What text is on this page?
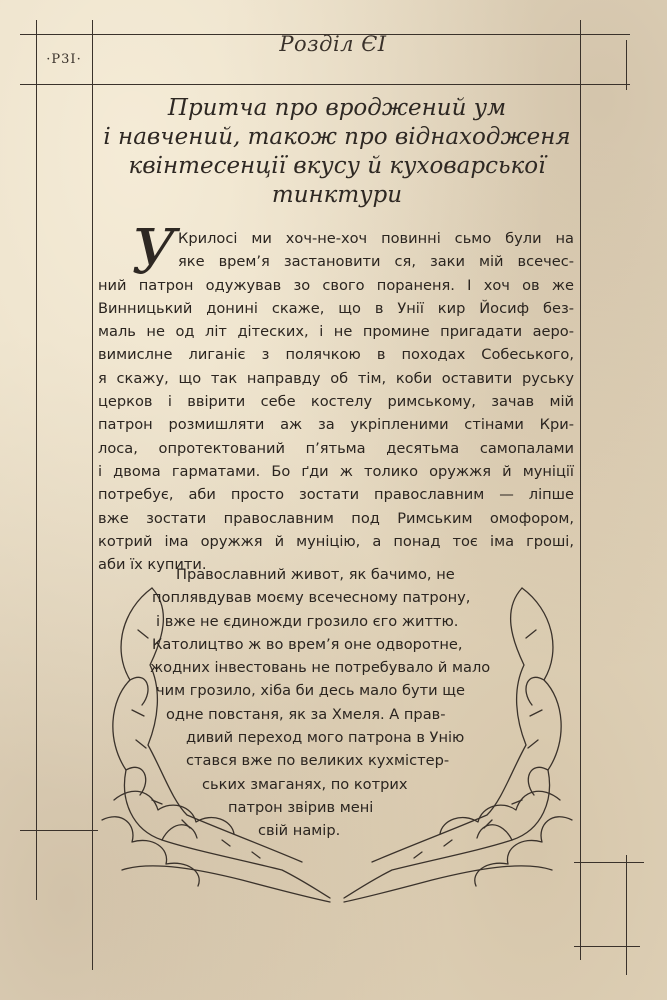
·Р3І·
Розділ ЄІ
Притча про вроджений ум
і навчений, також про віднаходженя
квінтесенції вкусу й куховарської
тинктури
У Крилосі ми хоч-не-хоч повинні сьмо були на
яке врем’я застановити ся, заки мій всечес-
ний патрон одужував зо свого пораненя. І хоч ов же
Винницький донині скаже, що в Унії кир Йосиф без-
маль не од літ дітеских, і не промине пригадати аеро-
вимислне лиганіє з полячкою в походах Собеського,
я скажу, що так направду об тім, коби оставити руську
церков і ввірити себе костелу римському, зачав мій
патрон розмишляти аж за укріпленими стінами Кри-
лоса, опротектований п’ятьма десятьма самопалами
і двома гарматами. Бо ґди ж толико оружжя й муніції
потребує, аби просто зостати православним — ліпше
вже зостати православним под Римським омофором,
котрий іма оружжя й муніцію, а понад тоє іма гроші,
аби їх купити.
Православний живот, як бачимо, не
поплявдував моєму всечесному патрону,
і вже не єдиножди грозило єго життю.
Католицтво ж во врем’я оне одворотне,
жодних інвестовань не потребувало й мало
чим грозило, хіба би десь мало бути ще
одне повстаня, як за Хмеля. А прав-
дивий переход мого патрона в Унію
стався вже по великих кухмістер-
ських змаганях, по котрих
патрон звірив мені
свій намір.
